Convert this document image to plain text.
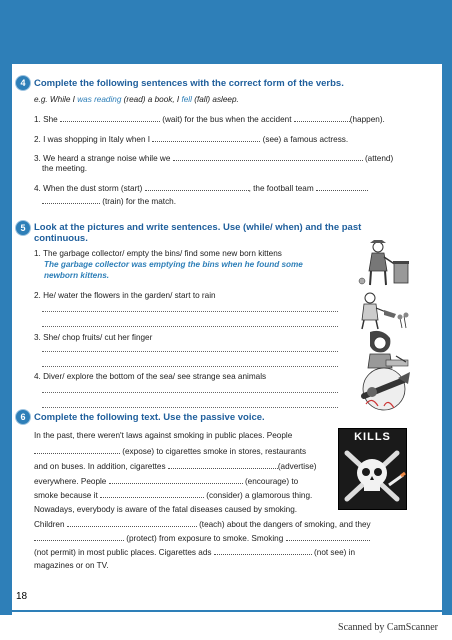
4 Complete the following sentences with the correct form of the verbs.
e.g. While I was reading (read) a book, I fell (fall) asleep.
1. She	(wait) for the bus when the accident	(happen).
2. I was shopping in Italy when I	(see) a famous actress.
3. We heard a strange noise while we	(attend)
the meeting.
4. When the dust storm (start)	, the football team
(train) for the match.
5 Look at the pictures and write sentences. Use (while/ when) and the past
continuous.
1. The garbage collector/ empty the bins/ find some new born kittens
The garbage collector was emptying the bins when he found some
newborn kittens.
2. He/ water the flowers in the garden/ start to rain
3. She/ chop fruits/ cut her finger
4. Diver/ explore the bottom of the sea/ see strange sea animals
6 Complete the following text. Use the passive voice.
KILLS
In the past, there weren't laws against smoking in public places. People
(expose) to cigarettes smoke in stores, restaurants
and on buses. In addition, cigarettes	(advertise)
everywhere. People	(encourage) to
smoke because it	(consider) a glamorous thing.
Nowadays, everybody is aware of the fatal diseases caused by smoking.
Children	(teach) about the dangers of smoking, and they
(protect) from exposure to smoke. Smoking
(not permit) in most public places. Cigarettes ads	(not see) in
magazines or on TV.
18
Scanned by CamScanner
